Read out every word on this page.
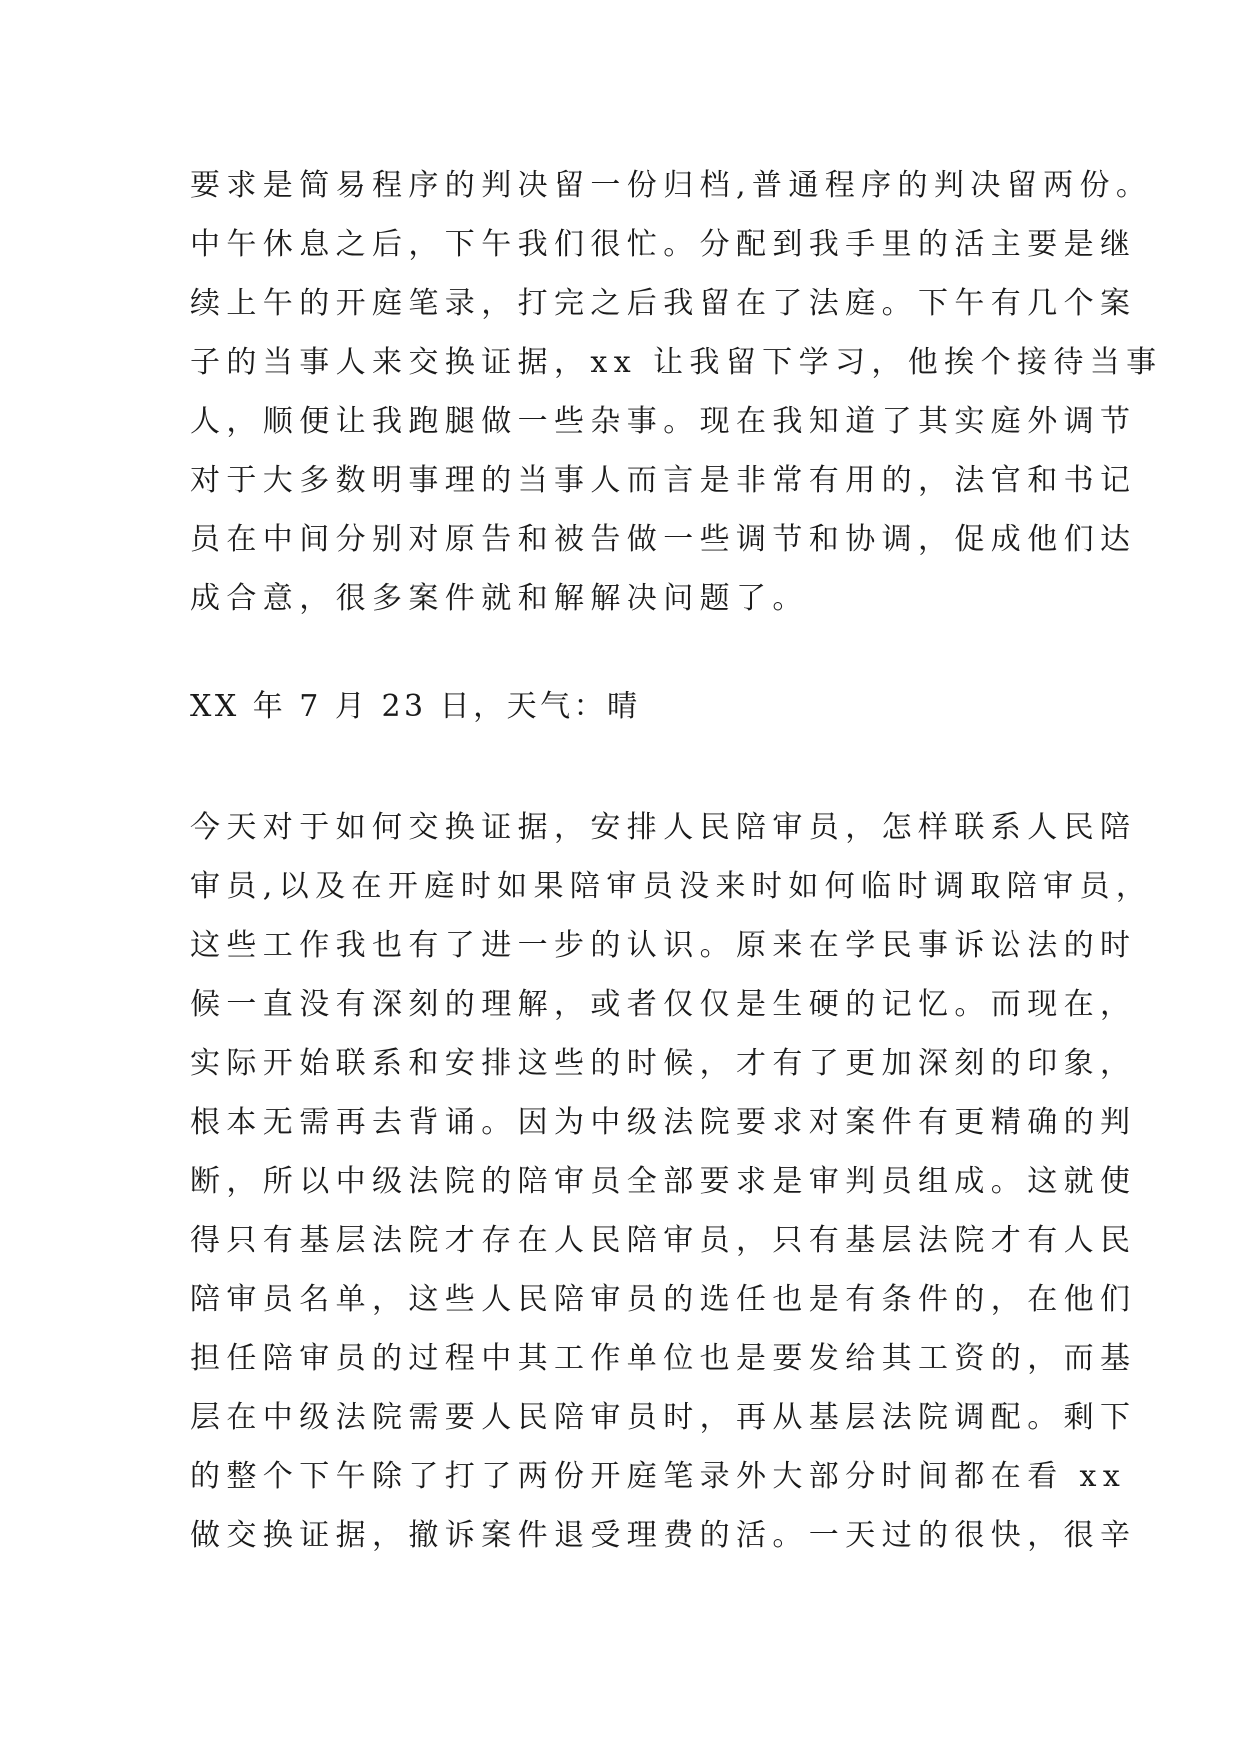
要求是简易程序的判决留一份归档,普通程序的判决留两份。
中午休息之后，下午我们很忙。分配到我手里的活主要是继
续上午的开庭笔录，打完之后我留在了法庭。下午有几个案
子的当事人来交换证据，xx 让我留下学习，他挨个接待当事
人，顺便让我跑腿做一些杂事。现在我知道了其实庭外调节
对于大多数明事理的当事人而言是非常有用的，法官和书记
员在中间分别对原告和被告做一些调节和协调，促成他们达
成合意，很多案件就和解解决问题了。
XX 年 7 月 23 日，天气：晴
今天对于如何交换证据，安排人民陪审员，怎样联系人民陪
审员,以及在开庭时如果陪审员没来时如何临时调取陪审员，
这些工作我也有了进一步的认识。原来在学民事诉讼法的时
候一直没有深刻的理解，或者仅仅是生硬的记忆。而现在，
实际开始联系和安排这些的时候，才有了更加深刻的印象，
根本无需再去背诵。因为中级法院要求对案件有更精确的判
断，所以中级法院的陪审员全部要求是审判员组成。这就使
得只有基层法院才存在人民陪审员，只有基层法院才有人民
陪审员名单，这些人民陪审员的选任也是有条件的，在他们
担任陪审员的过程中其工作单位也是要发给其工资的，而基
层在中级法院需要人民陪审员时，再从基层法院调配。剩下
的整个下午除了打了两份开庭笔录外大部分时间都在看 xx
做交换证据，撤诉案件退受理费的活。一天过的很快，很辛
